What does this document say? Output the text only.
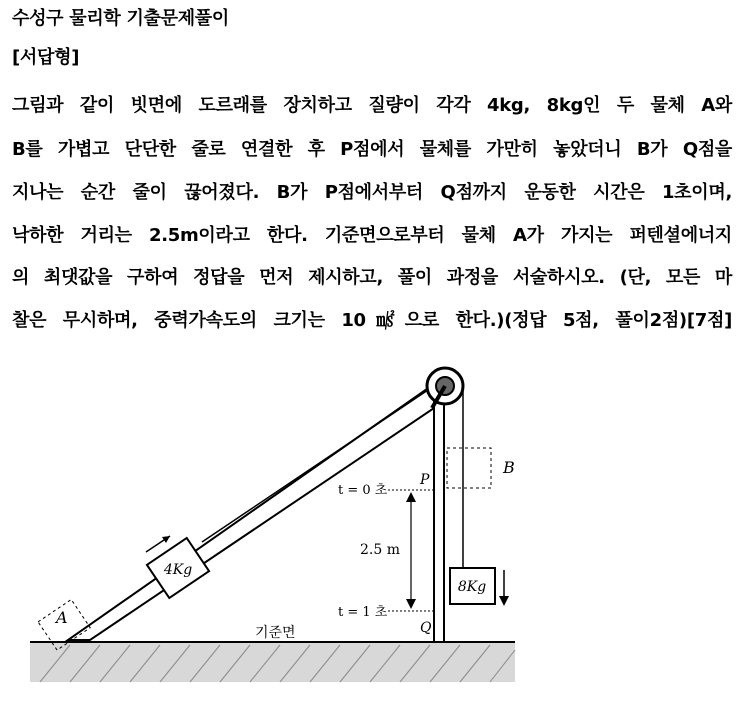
수성구 물리학 기출문제풀이
[서답형]
그림과 같이 빗면에 도르래를 장치하고 질량이 각각 4kg, 8kg인 두 물체 A와
B를 가볍고 단단한 줄로 연결한 후 P점에서 물체를 가만히 놓았더니 B가 Q점을
지나는 순간 줄이 끊어졌다. B가 P점에서부터 Q점까지 운동한 시간은 1초이며,
낙하한 거리는 2.5m이라고 한다. 기준면으로부터 물체 A가 가지는 퍼텐셜에너지
의 최댓값을 구하여 정답을 먼저 제시하고, 풀이 과정을 서술하시오. (단, 모든 마
찰은 무시하며, 중력가속도의 크기는 10㎨으로 한다.)(정답 5점, 풀이2점)[7점]
4Kg
A
B
8Kg
P
Q
t = 0 초
t = 1 초
2.5 m
기준면
